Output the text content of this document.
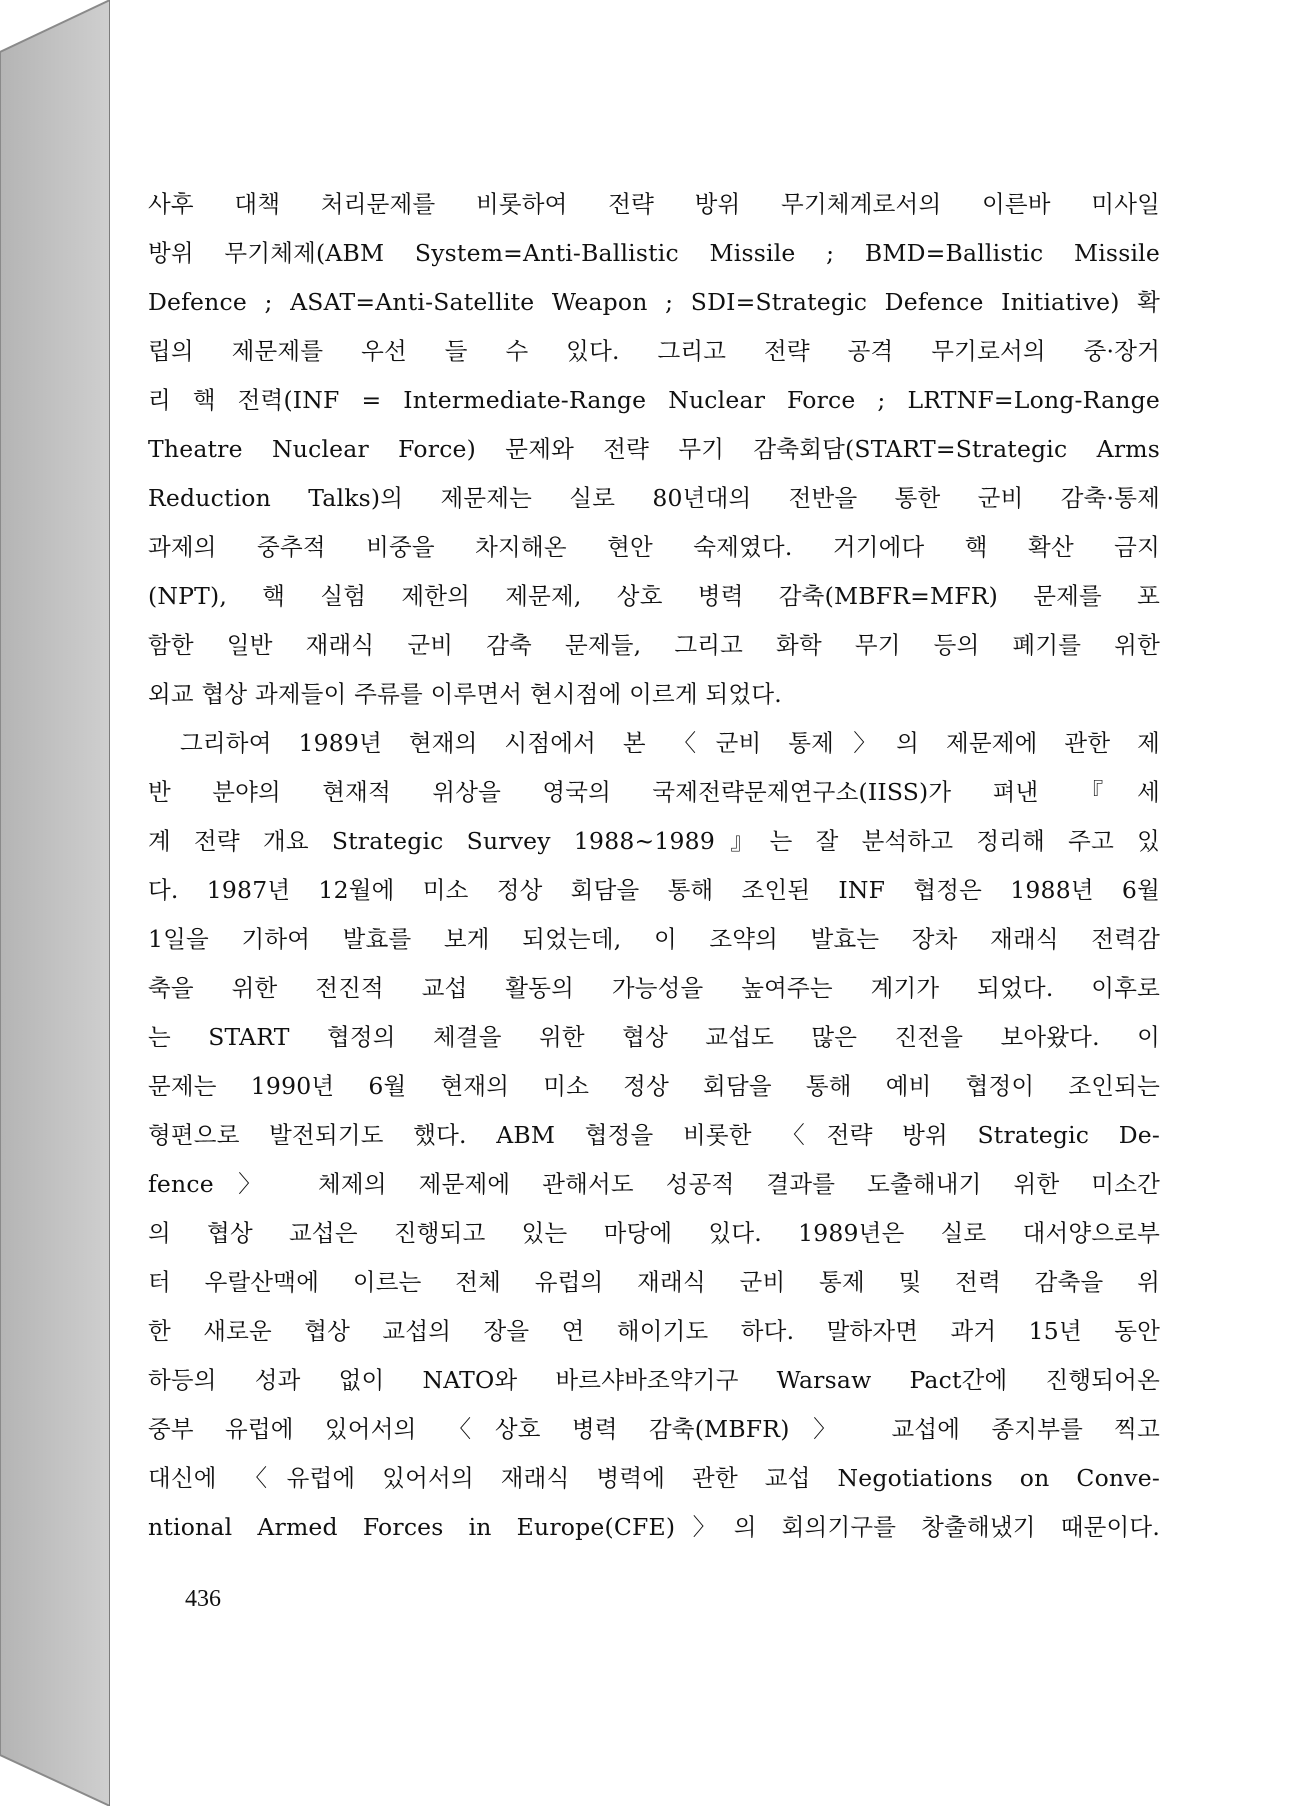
사후 대책 처리문제를 비롯하여 전략 방위 무기체계로서의 이른바 미사일
방위 무기체제(ABM System=Anti-Ballistic Missile ; BMD=Ballistic Missile
Defence ; ASAT=Anti-Satellite Weapon ; SDI=Strategic Defence Initiative) 확
립의 제문제를 우선 들 수 있다. 그리고 전략 공격 무기로서의 중·장거
리 핵 전력(INF = Intermediate-Range Nuclear Force ; LRTNF=Long-Range
Theatre Nuclear Force) 문제와 전략 무기 감축회담(START=Strategic Arms
Reduction Talks)의 제문제는 실로 80년대의 전반을 통한 군비 감축·통제
과제의 중추적 비중을 차지해온 현안 숙제였다. 거기에다 핵 확산 금지
(NPT), 핵 실험 제한의 제문제, 상호 병력 감축(MBFR=MFR) 문제를 포
함한 일반 재래식 군비 감축 문제들, 그리고 화학 무기 등의 폐기를 위한
외교 협상 과제들이 주류를 이루면서 현시점에 이르게 되었다.
그리하여 1989년 현재의 시점에서 본 〈군비 통제〉의 제문제에 관한 제
반 분야의 현재적 위상을 영국의 국제전략문제연구소(IISS)가 펴낸 『세
계 전략 개요 Strategic Survey 1988~1989』는 잘 분석하고 정리해 주고 있
다. 1987년 12월에 미소 정상 회담을 통해 조인된 INF 협정은 1988년 6월
1일을 기하여 발효를 보게 되었는데, 이 조약의 발효는 장차 재래식 전력감
축을 위한 전진적 교섭 활동의 가능성을 높여주는 계기가 되었다. 이후로
는 START 협정의 체결을 위한 협상 교섭도 많은 진전을 보아왔다. 이
문제는 1990년 6월 현재의 미소 정상 회담을 통해 예비 협정이 조인되는
형편으로 발전되기도 했다. ABM 협정을 비롯한 〈전략 방위 Strategic De-
fence〉 체제의 제문제에 관해서도 성공적 결과를 도출해내기 위한 미소간
의 협상 교섭은 진행되고 있는 마당에 있다. 1989년은 실로 대서양으로부
터 우랄산맥에 이르는 전체 유럽의 재래식 군비 통제 및 전력 감축을 위
한 새로운 협상 교섭의 장을 연 해이기도 하다. 말하자면 과거 15년 동안
하등의 성과 없이 NATO와 바르샤바조약기구 Warsaw Pact간에 진행되어온
중부 유럽에 있어서의 〈상호 병력 감축(MBFR)〉 교섭에 종지부를 찍고
대신에 〈유럽에 있어서의 재래식 병력에 관한 교섭 Negotiations on Conve-
ntional Armed Forces in Europe(CFE)〉의 회의기구를 창출해냈기 때문이다.
436
